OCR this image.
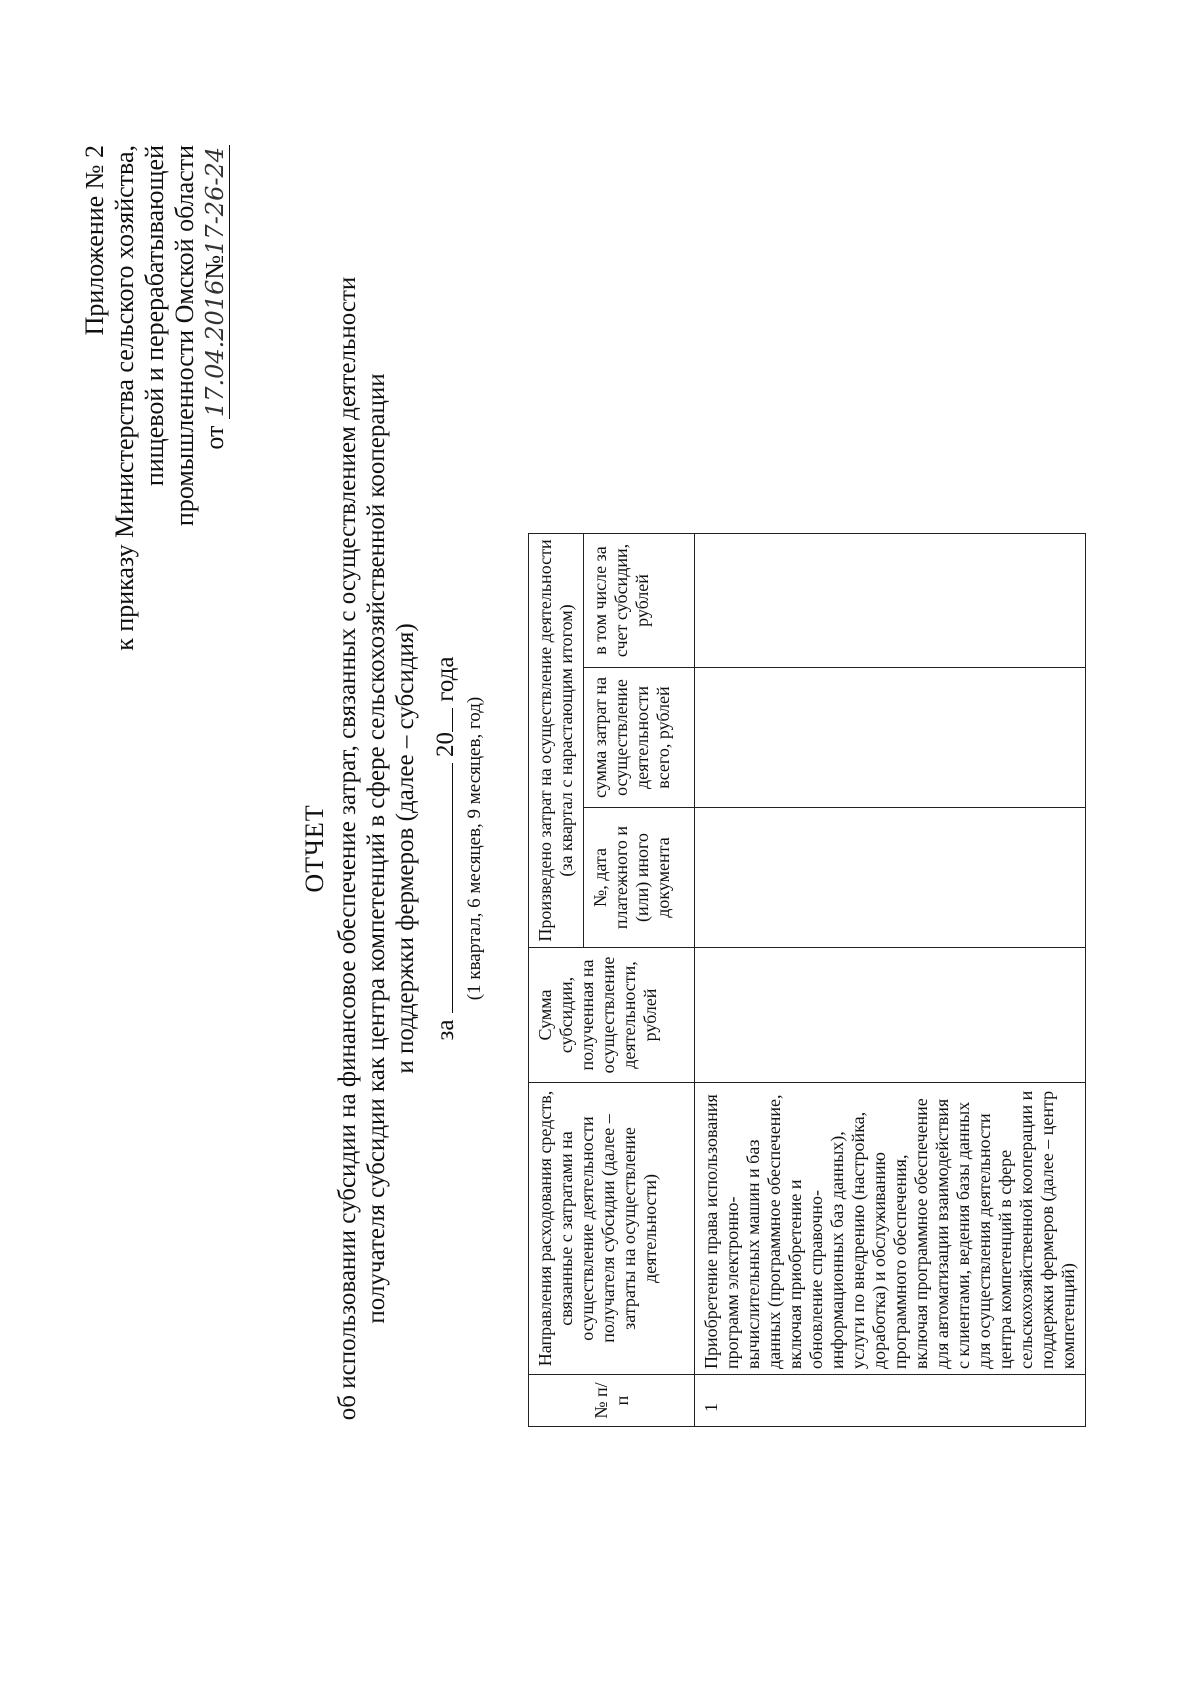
Приложение № 2 к приказу Министерства сельского хозяйства, пищевой и перерабатывающей промышленности Омской области от 17.04.2016№17-26-24
ОТЧЕТ об использовании субсидии на финансовое обеспечение затрат, связанных с осуществлением деятельности получателя субсидии как центра компетенций в сфере сельскохозяйственной кооперации и поддержки фермеров (далее – субсидия) за  20 года
(1 квартал, 6 месяцев, 9 месяцев, год)
№ п/п	Направления расходования средств, связанные с затратами на осуществление деятельности получателя субсидии (далее – затраты на осуществление деятельности)	Сумма субсидии, полученная на осуществление деятельности, рублей	Произведено затрат на осуществление деятельности (за квартал с нарастающим итогом)		
			№, дата платежного и (или) иного документа	сумма затрат на осуществление деятельности всего, рублей	в том числе за счет субсидии, рублей
1	Приобретение права использования программ электронно-вычислительных машин и баз данных (программное обеспечение, включая приобретение и обновление справочно-информационных баз данных), услуги по внедрению (настройка, доработка) и обслуживанию программного обеспечения, включая программное обеспечение для автоматизации взаимодействия с клиентами, ведения базы данных для осуществления деятельности центра компетенций в сфере сельскохозяйственной кооперации и поддержки фермеров (далее – центр компетенций)				
